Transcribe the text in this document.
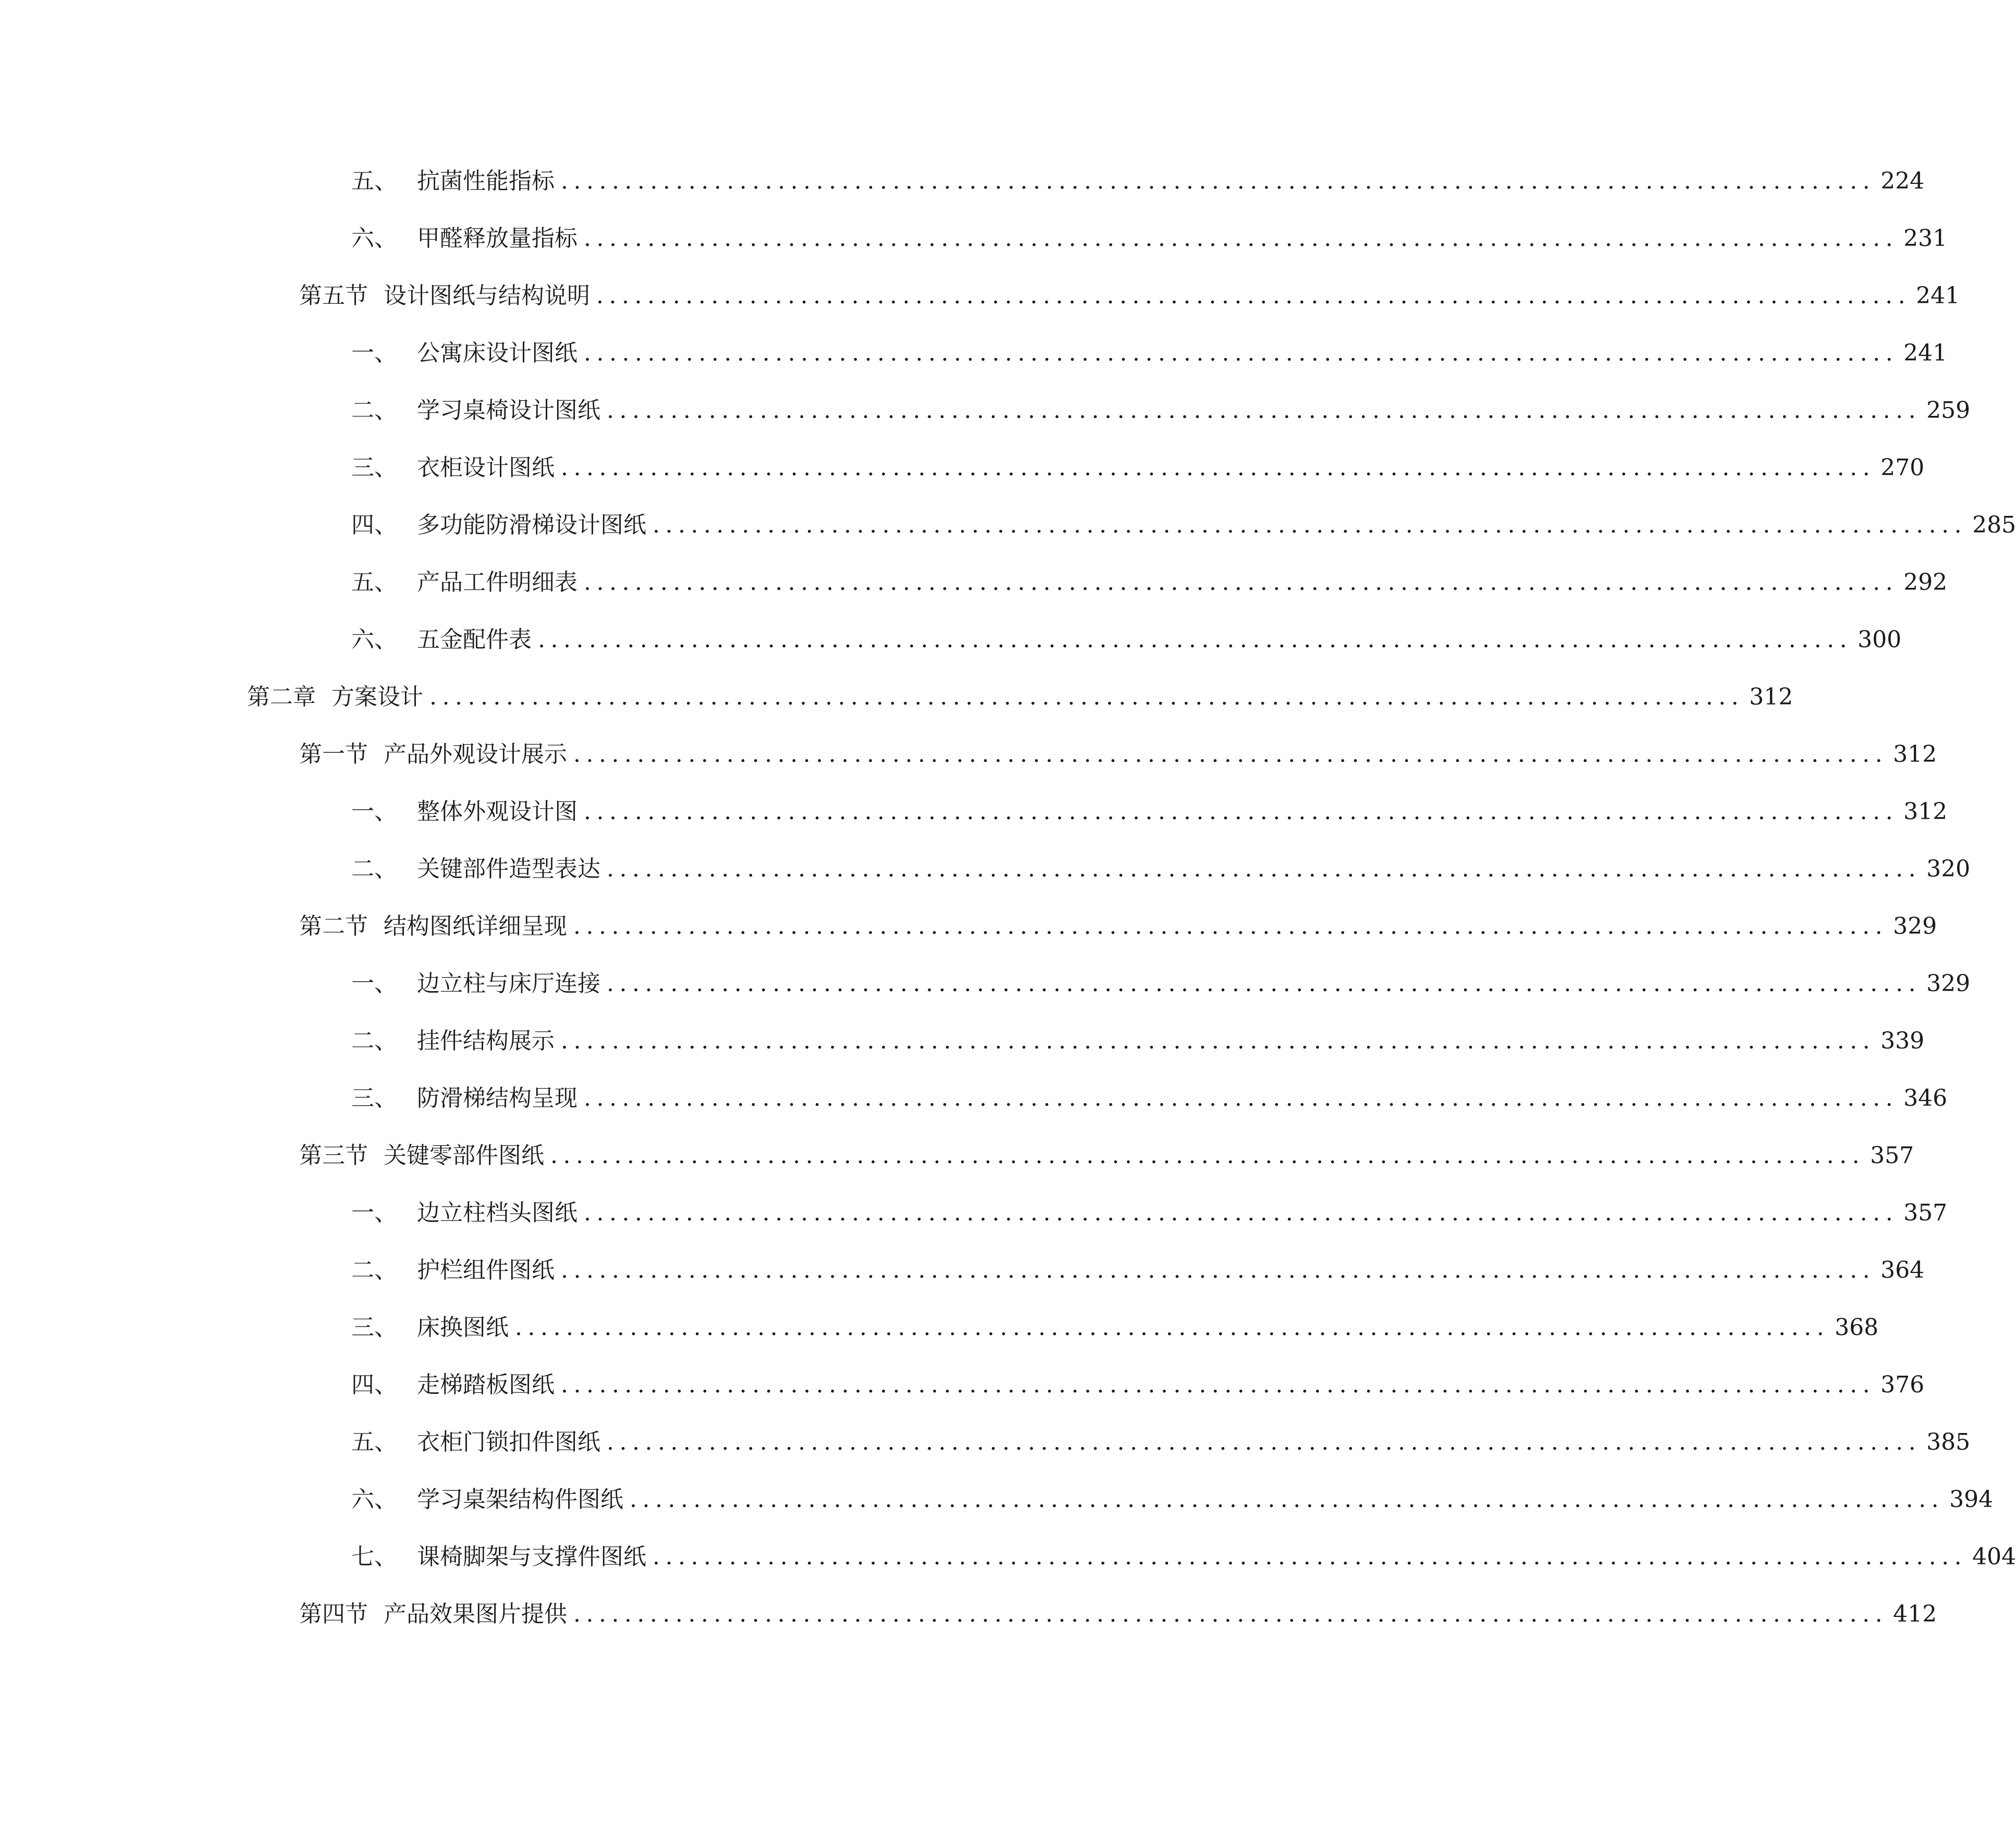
五、 抗菌性能指标 ....................................................................................................... 224
六、 甲醛释放量指标 ....................................................................................................... 231
第五节 设计图纸与结构说明 ....................................................................................................... 241
一、 公寓床设计图纸 ....................................................................................................... 241
二、 学习桌椅设计图纸 ....................................................................................................... 259
三、 衣柜设计图纸 ....................................................................................................... 270
四、 多功能防滑梯设计图纸 ....................................................................................................... 285
五、 产品工件明细表 ....................................................................................................... 292
六、 五金配件表 ....................................................................................................... 300
第二章 方案设计 ....................................................................................................... 312
第一节 产品外观设计展示 ....................................................................................................... 312
一、 整体外观设计图 ....................................................................................................... 312
二、 关键部件造型表达 ....................................................................................................... 320
第二节 结构图纸详细呈现 ....................................................................................................... 329
一、 边立柱与床厅连接 ....................................................................................................... 329
二、 挂件结构展示 ....................................................................................................... 339
三、 防滑梯结构呈现 ....................................................................................................... 346
第三节 关键零部件图纸 ....................................................................................................... 357
一、 边立柱档头图纸 ....................................................................................................... 357
二、 护栏组件图纸 ....................................................................................................... 364
三、 床换图纸 ....................................................................................................... 368
四、 走梯踏板图纸 ....................................................................................................... 376
五、 衣柜门锁扣件图纸 ....................................................................................................... 385
六、 学习桌架结构件图纸 ....................................................................................................... 394
七、 课椅脚架与支撑件图纸 ....................................................................................................... 404
第四节 产品效果图片提供 ....................................................................................................... 412
